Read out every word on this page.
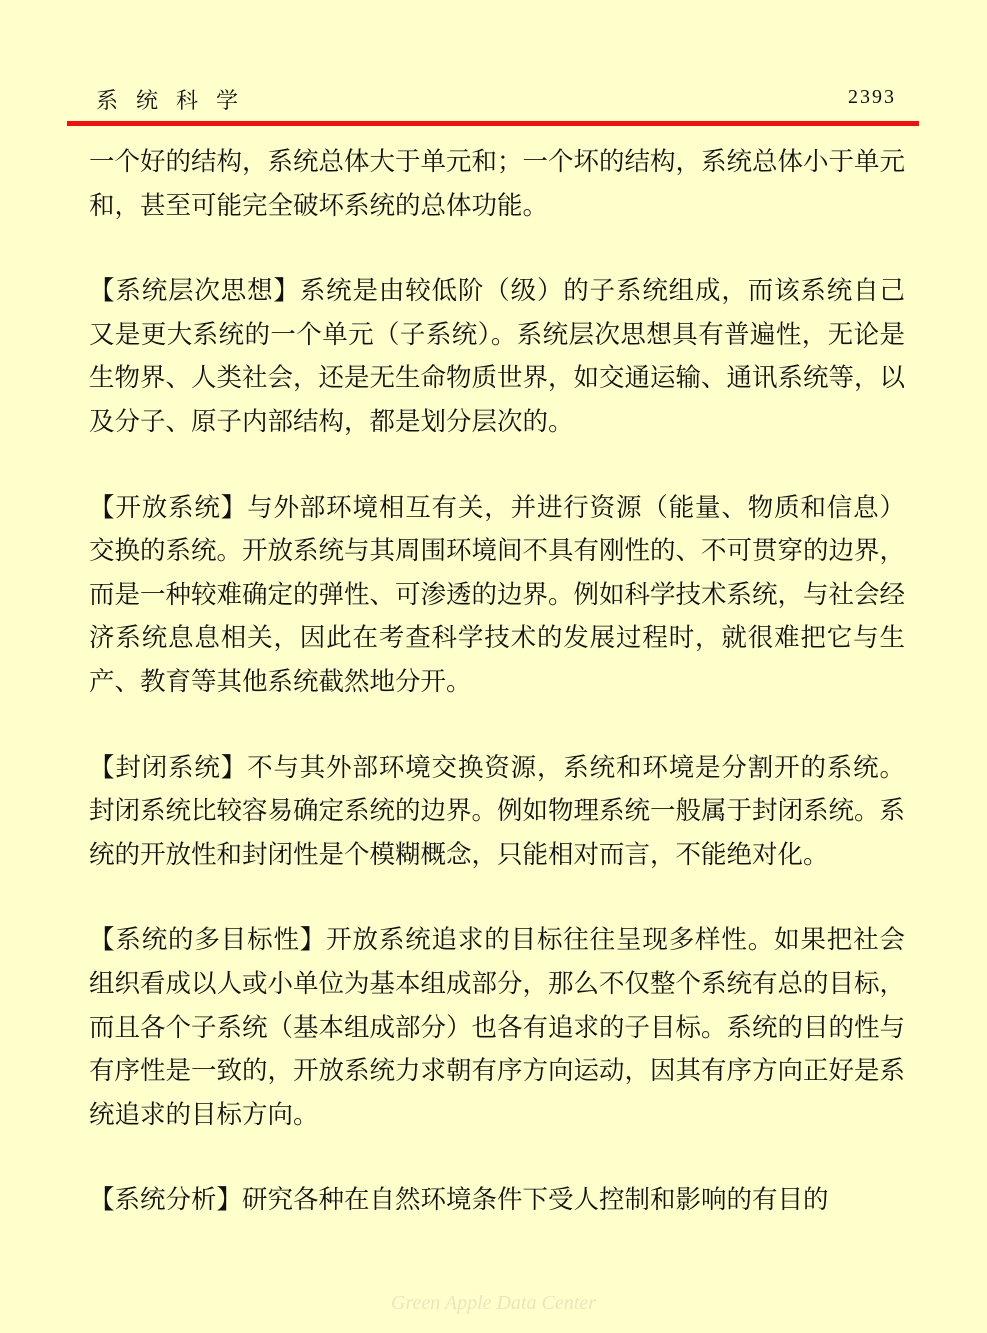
系统科学	2393

一个好的结构，系统总体大于单元和；一个坏的结构，系统总体小于单元和，甚至可能完全破坏系统的总体功能。

【系统层次思想】系统是由较低阶（级）的子系统组成，而该系统自己又是更大系统的一个单元（子系统）。系统层次思想具有普遍性，无论是生物界、人类社会，还是无生命物质世界，如交通运输、通讯系统等，以及分子、原子内部结构，都是划分层次的。

【开放系统】与外部环境相互有关，并进行资源（能量、物质和信息）交换的系统。开放系统与其周围环境间不具有刚性的、不可贯穿的边界，而是一种较难确定的弹性、可渗透的边界。例如科学技术系统，与社会经济系统息息相关，因此在考查科学技术的发展过程时，就很难把它与生产、教育等其他系统截然地分开。

【封闭系统】不与其外部环境交换资源，系统和环境是分割开的系统。封闭系统比较容易确定系统的边界。例如物理系统一般属于封闭系统。系统的开放性和封闭性是个模糊概念，只能相对而言，不能绝对化。

【系统的多目标性】开放系统追求的目标往往呈现多样性。如果把社会组织看成以人或小单位为基本组成部分，那么不仅整个系统有总的目标，而且各个子系统（基本组成部分）也各有追求的子目标。系统的目的性与有序性是一致的，开放系统力求朝有序方向运动，因其有序方向正好是系统追求的目标方向。

【系统分析】研究各种在自然环境条件下受人控制和影响的有目的

Green Apple Data Center
